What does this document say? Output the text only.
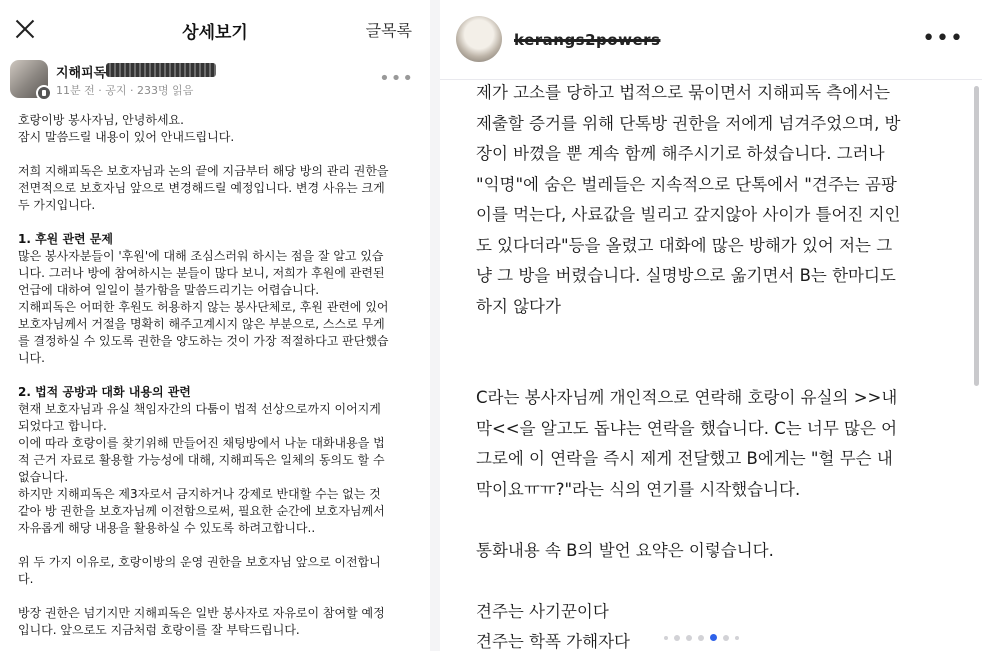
상세보기	글목록
지해피독
11분 전 · 공지 · 233명 읽음
•••

호랑이방 봉사자님, 안녕하세요.

잠시 말씀드릴 내용이 있어 안내드립니다.

저희 지해피독은 보호자님과 논의 끝에 지금부터 해당 방의 관리 권한을

전면적으로 보호자님 앞으로 변경해드릴 예정입니다. 변경 사유는 크게

두 가지입니다.

1. 후원 관련 문제

많은 봉사자분들이 '후원'에 대해 조심스러워 하시는 점을 잘 알고 있습

니다. 그러나 방에 참여하시는 분들이 많다 보니, 저희가 후원에 관련된

언급에 대하여 일일이 불가함을 말씀드리기는 어렵습니다.

지해피독은 어떠한 후원도 허용하지 않는 봉사단체로, 후원 관련에 있어

보호자님께서 거절을 명확히 해주고계시지 않은 부분으로, 스스로 무게

를 결정하실 수 있도록 권한을 양도하는 것이 가장 적절하다고 판단했습

니다.

2. 법적 공방과 대화 내용의 관련

현재 보호자님과 유실 책임자간의 다툼이 법적 선상으로까지 이어지게

되었다고 합니다.

이에 따라 호랑이를 찾기위해 만들어진 채팅방에서 나눈 대화내용을 법

적 근거 자료로 활용할 가능성에 대해, 지해피독은 일체의 동의도 할 수

없습니다.

하지만 지해피독은 제3자로서 금지하거나 강제로 반대할 수는 없는 것

같아 방 권한을 보호자님께 이전함으로써, 필요한 순간에 보호자님께서

자유롭게 해당 내용을 활용하실 수 있도록 하려고합니다..

위 두 가지 이유로, 호랑이방의 운영 권한을 보호자님 앞으로 이전합니

다.

방장 권한은 넘기지만 지해피독은 일반 봉사자로 자유로이 참여할 예정

입니다. 앞으로도 지금처럼 호랑이를 잘 부탁드립니다.

kerangs2powers	•••

제가 고소를 당하고 법적으로 묶이면서 지해피독 측에서는

제출할 증거를 위해 단톡방 권한을 저에게 넘겨주었으며, 방

장이 바꼈을 뿐 계속 함께 해주시기로 하셨습니다. 그러나

"익명"에 숨은 벌레들은 지속적으로 단톡에서 "견주는 곰팡

이를 먹는다, 사료값을 빌리고 갚지않아 사이가 틀어진 지인

도 있다더라"등을 올렸고 대화에 많은 방해가 있어 저는 그

냥 그 방을 버렸습니다. 실명방으로 옮기면서 B는 한마디도

하지 않다가

C라는 봉사자님께 개인적으로 연락해 호랑이 유실의 >>내

막<<을 알고도 돕냐는 연락을 했습니다. C는 너무 많은 어

그로에 이 연락을 즉시 제게 전달했고 B에게는 "헐 무슨 내

막이요ㅠㅠ?"라는 식의 연기를 시작했습니다.

통화내용 속 B의 발언 요약은 이렇습니다.

견주는 사기꾼이다

견주는 학폭 가해자다
